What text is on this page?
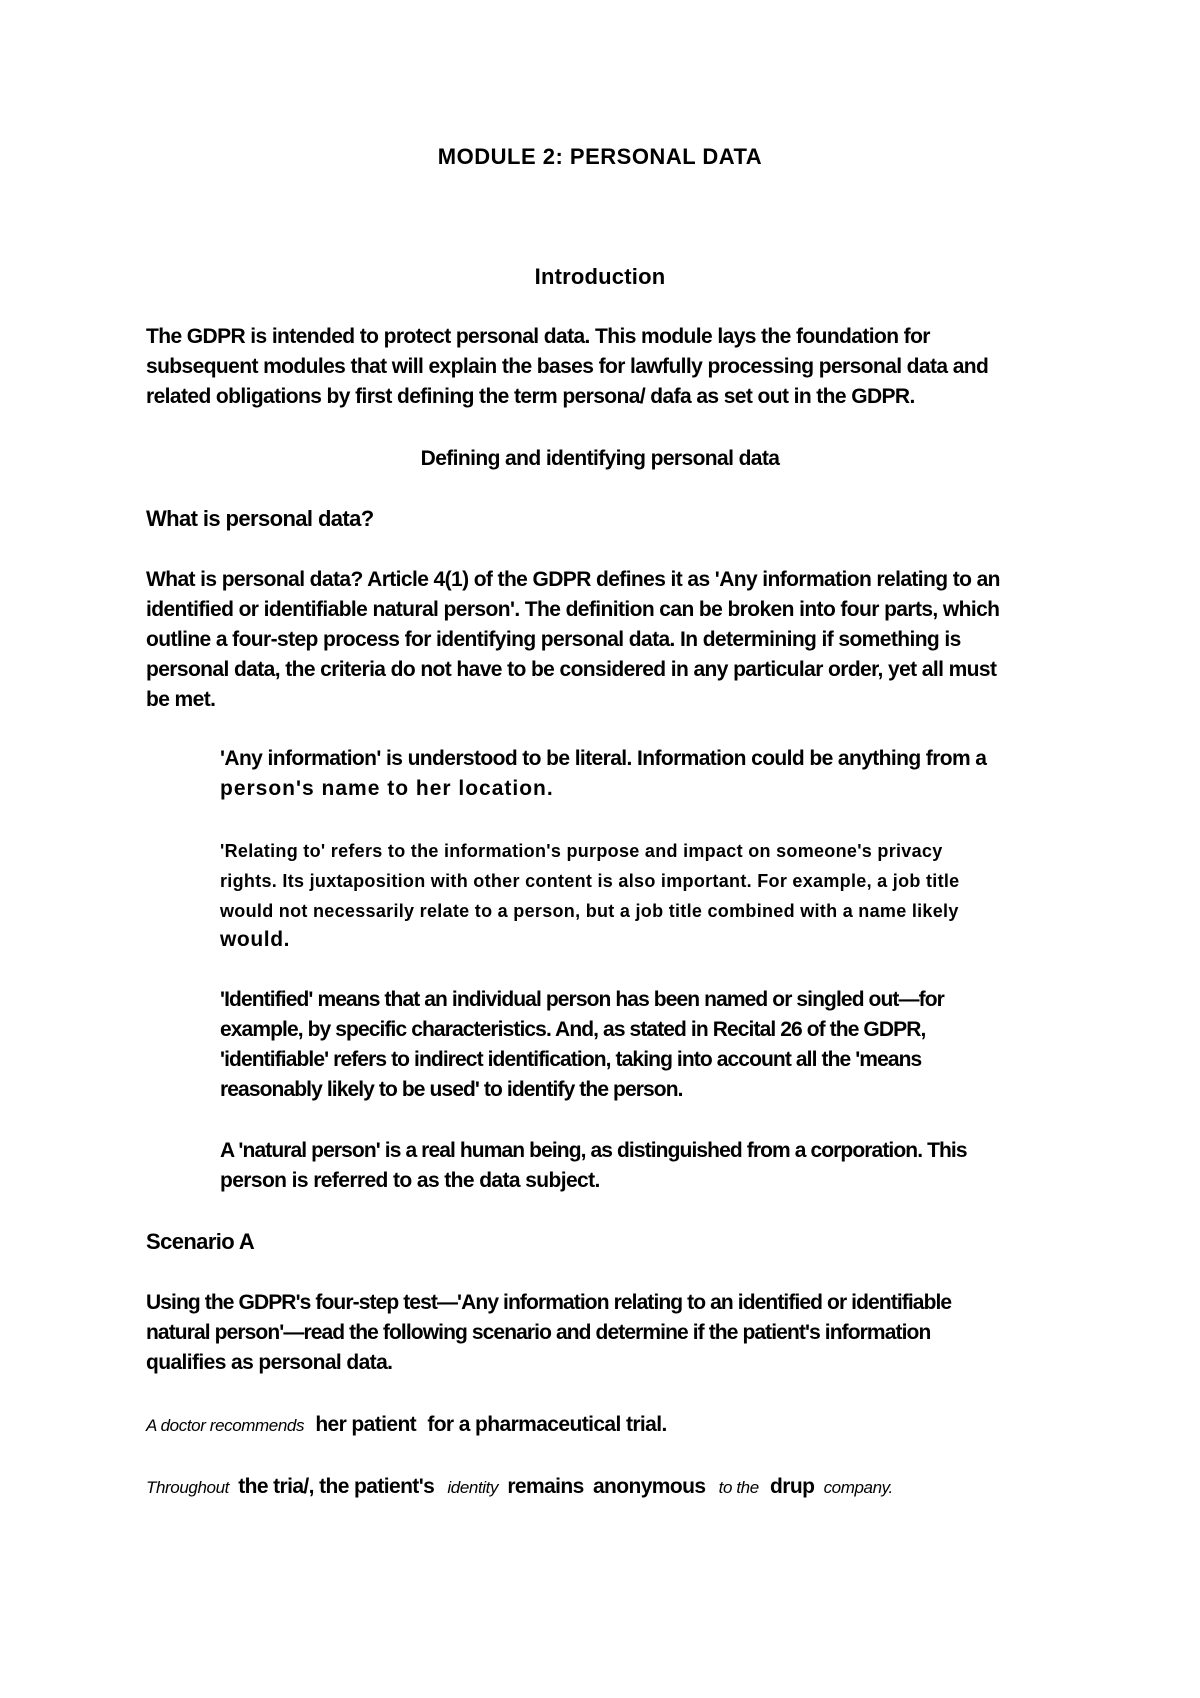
MODULE 2: PERSONAL DATA
Introduction
The GDPR is intended to protect personal data. This module lays the foundation for
subsequent modules that will explain the bases for lawfully processing personal data and
related obligations by first defining the term persona/ dafa as set out in the GDPR.
Defining and identifying personal data
What is personal data?
What is personal data? Article 4(1) of the GDPR defines it as 'Any information relating to an
identified or identifiable natural person'. The definition can be broken into four parts, which
outline a four-step process for identifying personal data. In determining if something is
personal data, the criteria do not have to be considered in any particular order, yet all must
be met.
'Any information' is understood to be literal. Information could be anything from a
person's name to her location.
'Relating to' refers to the information's purpose and impact on someone's privacy
rights. Its juxtaposition with other content is also important. For example, a job title
would not necessarily relate to a person, but a job title combined with a name likely
would.
'Identified' means that an individual person has been named or singled out—for
example, by specific characteristics. And, as stated in Recital 26 of the GDPR,
'identifiable' refers to indirect identification, taking into account all the 'means
reasonably likely to be used' to identify the person.
A 'natural person' is a real human being, as distinguished from a corporation. This
person is referred to as the data subject.
Scenario A
Using the GDPR's four-step test—'Any information relating to an identified or identifiable
natural person'—read the following scenario and determine if the patient's information
qualifies as personal data.
A doctor recommends her patient for a pharmaceutical trial.
Throughout the tria/, the patient's identity remains anonymous to the drup company.
